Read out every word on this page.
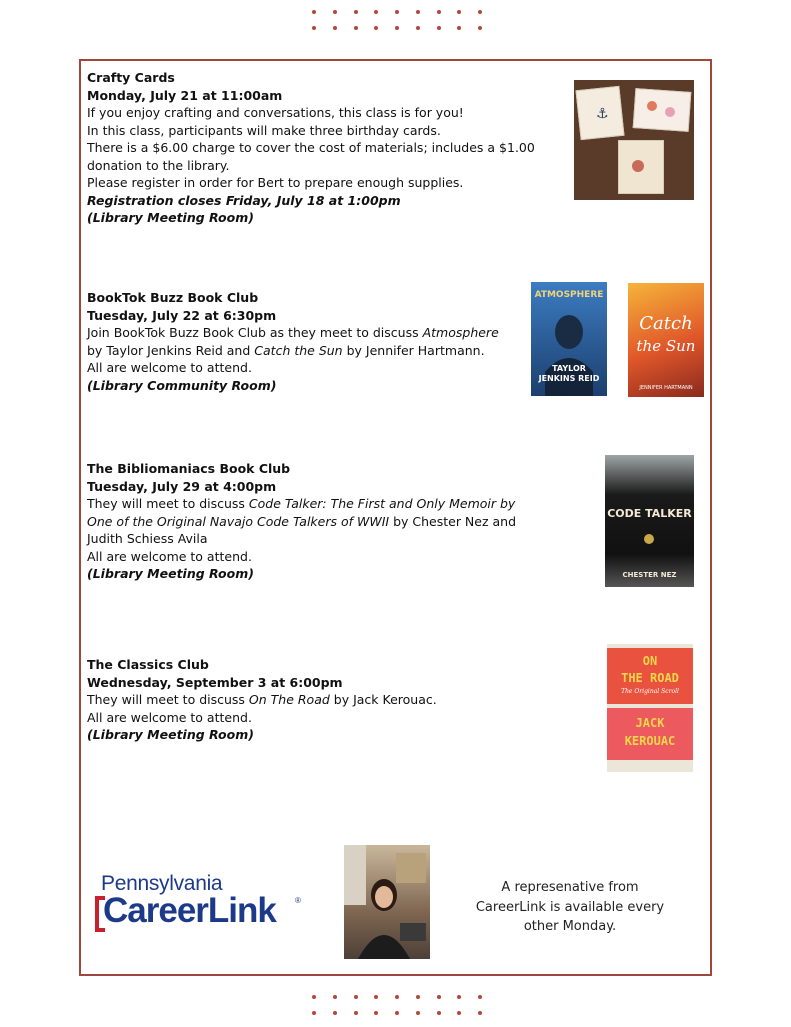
Crafty Cards
Monday, July 21 at 11:00am
If you enjoy crafting and conversations, this class is for you!
In this class, participants will make three birthday cards.
There is a $6.00 charge to cover the cost of materials; includes a $1.00
donation to the library.
Please register in order for Bert to prepare enough supplies.
Registration closes Friday, July 18 at 1:00pm
(Library Meeting Room)
BookTok Buzz Book Club
Tuesday, July 22 at 6:30pm
Join BookTok Buzz Book Club as they meet to discuss Atmosphere
by Taylor Jenkins Reid and Catch the Sun by Jennifer Hartmann.
All are welcome to attend.
(Library Community Room)
The Bibliomaniacs Book Club
Tuesday, July 29 at 4:00pm
They will meet to discuss Code Talker: The First and Only Memoir by
One of the Original Navajo Code Talkers of WWII by Chester Nez and
Judith Schiess Avila
All are welcome to attend.
(Library Meeting Room)
The Classics Club
Wednesday, September 3 at 6:00pm
They will meet to discuss On The Road by Jack Kerouac.
All are welcome to attend.
(Library Meeting Room)
⚓
ATMOSPHERE
TAYLOR
JENKINS REID
Catch
the Sun
JENNIFER HARTMANN
CODE TALKER
CHESTER NEZ
ON
THE ROAD
The Original Scroll
JACK
KEROUAC
Pennsylvania
CareerLink ®
A represenative from CareerLink is available every other Monday.
